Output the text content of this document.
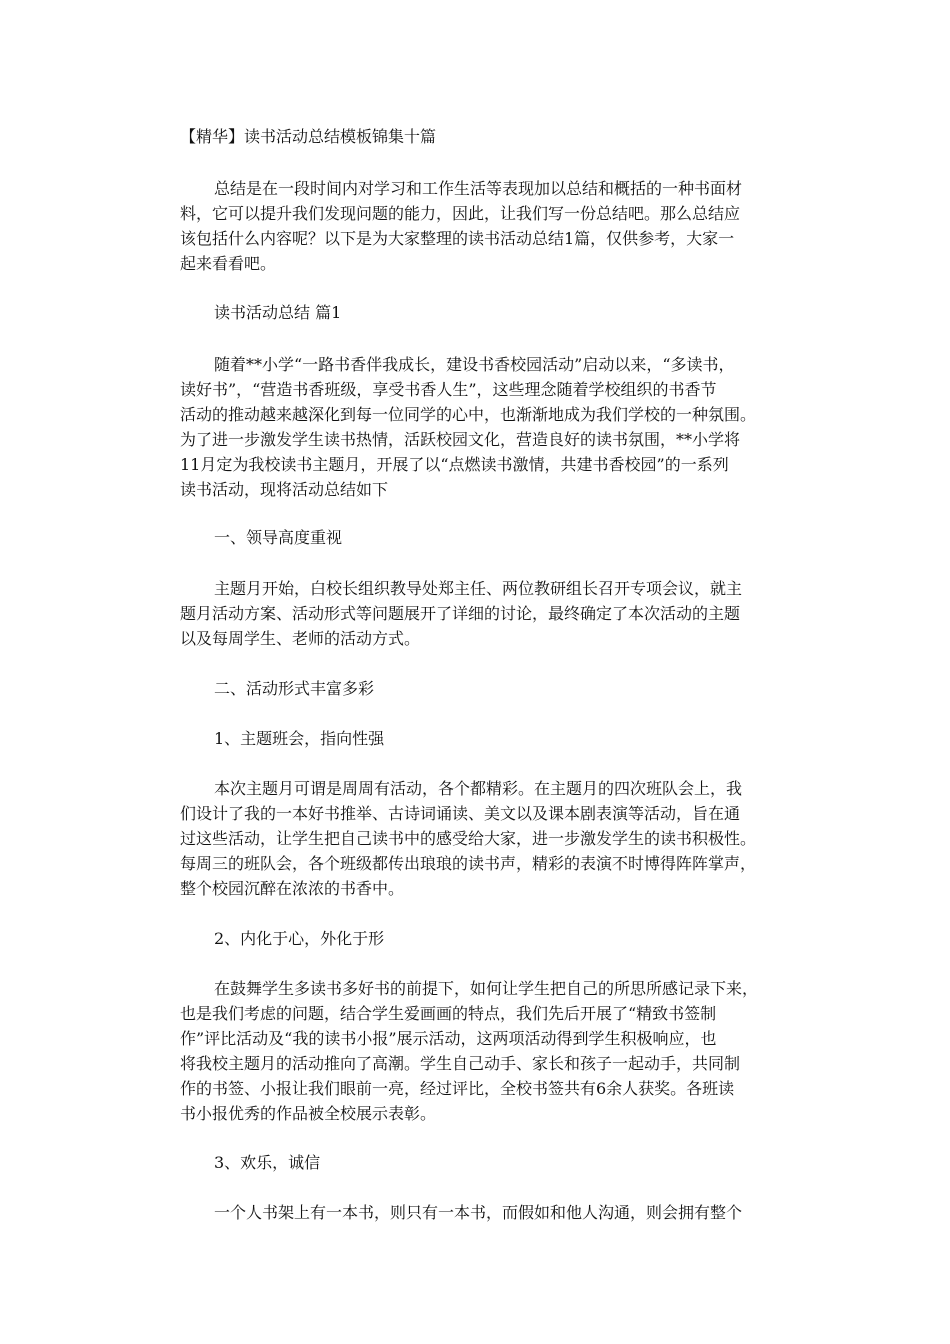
【精华】读书活动总结模板锦集十篇
总结是在一段时间内对学习和工作生活等表现加以总结和概括的一种书面材
料，它可以提升我们发现问题的能力，因此，让我们写一份总结吧。那么总结应
该包括什么内容呢？以下是为大家整理的读书活动总结1篇，仅供参考，大家一
起来看看吧。
读书活动总结 篇1
随着**小学“一路书香伴我成长，建设书香校园活动”启动以来，“多读书，
读好书”，“营造书香班级，享受书香人生”，这些理念随着学校组织的书香节
活动的推动越来越深化到每一位同学的心中，也渐渐地成为我们学校的一种氛围。
为了进一步激发学生读书热情，活跃校园文化，营造良好的读书氛围，**小学将
11月定为我校读书主题月，开展了以“点燃读书激情，共建书香校园”的一系列
读书活动，现将活动总结如下
一、领导高度重视
主题月开始，白校长组织教导处郑主任、两位教研组长召开专项会议，就主
题月活动方案、活动形式等问题展开了详细的讨论，最终确定了本次活动的主题
以及每周学生、老师的活动方式。
二、活动形式丰富多彩
1、主题班会，指向性强
本次主题月可谓是周周有活动，各个都精彩。在主题月的四次班队会上，我
们设计了我的一本好书推举、古诗词诵读、美文以及课本剧表演等活动，旨在通
过这些活动，让学生把自己读书中的感受给大家，进一步激发学生的读书积极性。
每周三的班队会，各个班级都传出琅琅的读书声，精彩的表演不时博得阵阵掌声，
整个校园沉醉在浓浓的书香中。
2、内化于心，外化于形
在鼓舞学生多读书多好书的前提下，如何让学生把自己的所思所感记录下来，
也是我们考虑的问题，结合学生爱画画的特点，我们先后开展了“精致书签制
作”评比活动及“我的读书小报”展示活动，这两项活动得到学生积极响应，也
将我校主题月的活动推向了高潮。学生自己动手、家长和孩子一起动手，共同制
作的书签、小报让我们眼前一亮，经过评比，全校书签共有6余人获奖。各班读
书小报优秀的作品被全校展示表彰。
3、欢乐，诚信
一个人书架上有一本书，则只有一本书，而假如和他人沟通，则会拥有整个
